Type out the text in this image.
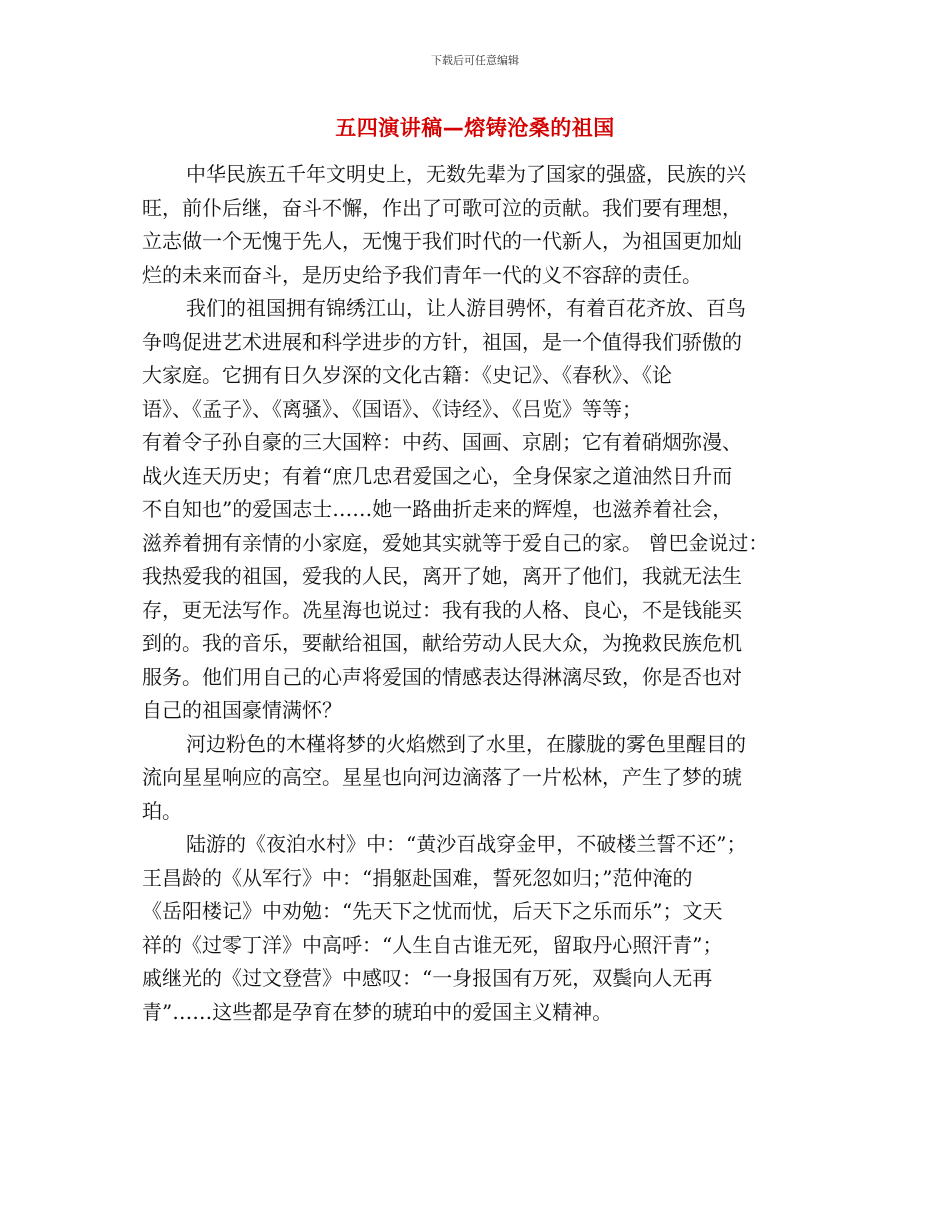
下载后可任意编辑
五四演讲稿—熔铸沧桑的祖国
中华民族五千年文明史上，无数先辈为了国家的强盛，民族的兴
旺，前仆后继，奋斗不懈，作出了可歌可泣的贡献。我们要有理想，
立志做一个无愧于先人，无愧于我们时代的一代新人，为祖国更加灿
烂的未来而奋斗，是历史给予我们青年一代的义不容辞的责任。
我们的祖国拥有锦绣江山，让人游目骋怀，有着百花齐放、百鸟
争鸣促进艺术进展和科学进步的方针，祖国，是一个值得我们骄傲的
大家庭。它拥有日久岁深的文化古籍：《史记》、《春秋》、《论
语》、《孟子》、《离骚》、《国语》、《诗经》、《吕览》等等；
有着令子孙自豪的三大国粹：中药、国画、京剧；它有着硝烟弥漫、
战火连天历史；有着“庶几忠君爱国之心，全身保家之道油然日升而
不自知也”的爱国志士……她一路曲折走来的辉煌，也滋养着社会，
滋养着拥有亲情的小家庭，爱她其实就等于爱自己的家。 曾巴金说过：
我热爱我的祖国，爱我的人民，离开了她，离开了他们，我就无法生
存，更无法写作。冼星海也说过：我有我的人格、良心，不是钱能买
到的。我的音乐，要献给祖国，献给劳动人民大众，为挽救民族危机
服务。他们用自己的心声将爱国的情感表达得淋漓尽致，你是否也对
自己的祖国豪情满怀？
河边粉色的木槿将梦的火焰燃到了水里，在朦胧的雾色里醒目的
流向星星响应的高空。星星也向河边滴落了一片松林，产生了梦的琥
珀。
陆游的《夜泊水村》中：“黄沙百战穿金甲，不破楼兰誓不还”；
王昌龄的《从军行》中：“捐躯赴国难，誓死忽如归；”范仲淹的
《岳阳楼记》中劝勉：“先天下之忧而忧，后天下之乐而乐”；文天
祥的《过零丁洋》中高呼：“人生自古谁无死，留取丹心照汗青”；
戚继光的《过文登营》中感叹：“一身报国有万死，双鬓向人无再
青”……这些都是孕育在梦的琥珀中的爱国主义精神。
